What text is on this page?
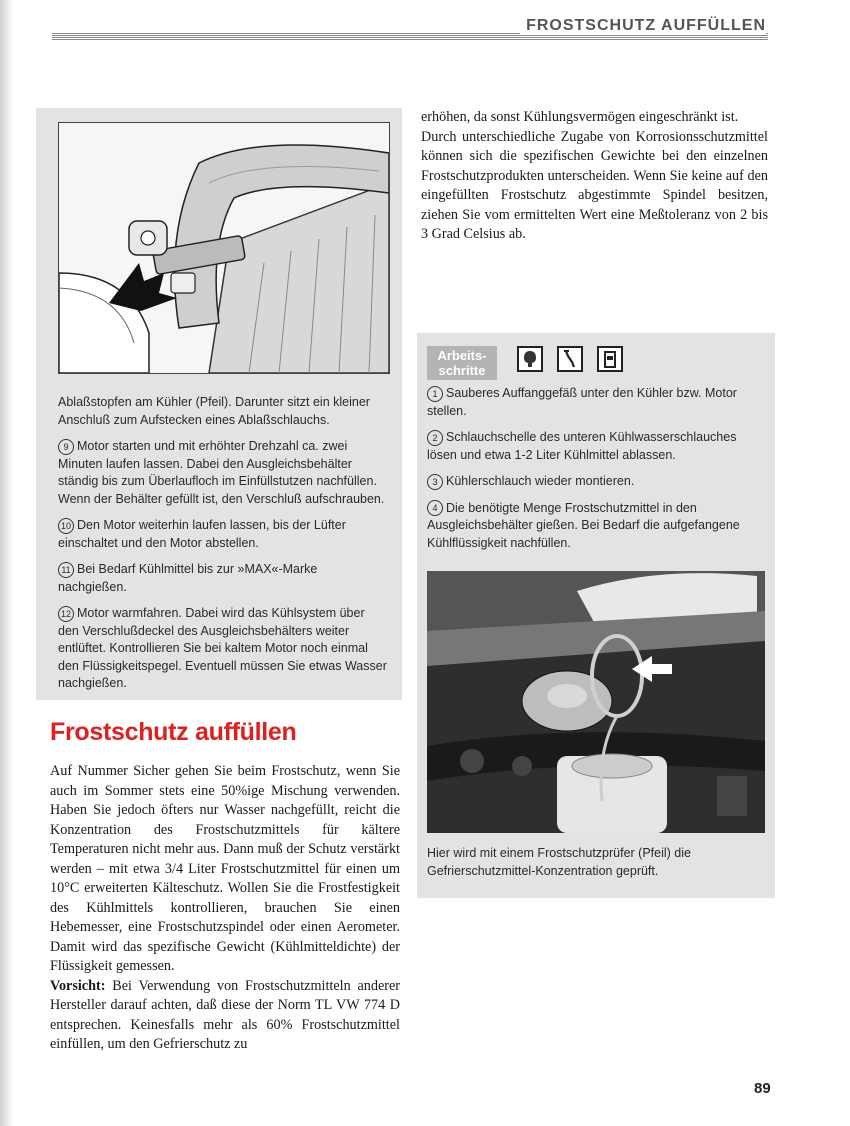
FROSTSCHUTZ AUFFÜLLEN

Ablaßstopfen am Kühler (Pfeil). Darunter sitzt ein kleiner Anschluß zum Aufstecken eines Ablaßschlauchs.

9 Motor starten und mit erhöhter Drehzahl ca. zwei Minuten laufen lassen. Dabei den Ausgleichsbehälter ständig bis zum Überlaufloch im Einfüllstutzen nachfüllen. Wenn der Behälter gefüllt ist, den Verschluß aufschrauben.

10 Den Motor weiterhin laufen lassen, bis der Lüfter einschaltet und den Motor abstellen.

11 Bei Bedarf Kühlmittel bis zur »MAX«-Marke nachgießen.

12 Motor warmfahren. Dabei wird das Kühlsystem über den Verschlußdeckel des Ausgleichsbehälters weiter entlüftet. Kontrollieren Sie bei kaltem Motor noch einmal den Flüssigkeitspegel. Eventuell müssen Sie etwas Wasser nachgießen.

Frostschutz auffüllen

Auf Nummer Sicher gehen Sie beim Frostschutz, wenn Sie auch im Sommer stets eine 50%ige Mischung verwenden. Haben Sie jedoch öfters nur Wasser nachgefüllt, reicht die Konzentration des Frostschutzmittels für kältere Temperaturen nicht mehr aus. Dann muß der Schutz verstärkt werden – mit etwa 3/4 Liter Frostschutzmittel für einen um 10°C erweiterten Kälteschutz. Wollen Sie die Frostfestigkeit des Kühlmittels kontrollieren, brauchen Sie einen Hebemesser, eine Frostschutzspindel oder einen Aerometer. Damit wird das spezifische Gewicht (Kühlmitteldichte) der Flüssigkeit gemessen.

Vorsicht: Bei Verwendung von Frostschutzmitteln anderer Hersteller darauf achten, daß diese der Norm TL VW 774 D entsprechen. Keinesfalls mehr als 60% Frostschutzmittel einfüllen, um den Gefrierschutz zu

erhöhen, da sonst Kühlungsvermögen eingeschränkt ist.

Durch unterschiedliche Zugabe von Korrosionsschutzmittel können sich die spezifischen Gewichte bei den einzelnen Frostschutzprodukten unterscheiden. Wenn Sie keine auf den eingefüllten Frostschutz abgestimmte Spindel besitzen, ziehen Sie vom ermittelten Wert eine Meßtoleranz von 2 bis 3 Grad Celsius ab.

Arbeits-
schritte

1 Sauberes Auffanggefäß unter den Kühler bzw. Motor stellen.

2 Schlauchschelle des unteren Kühlwasserschlauches lösen und etwa 1-2 Liter Kühlmittel ablassen.

3 Kühlerschlauch wieder montieren.

4 Die benötigte Menge Frostschutzmittel in den Ausgleichsbehälter gießen. Bei Bedarf die aufgefangene Kühlflüssigkeit nachfüllen.

Hier wird mit einem Frostschutzprüfer (Pfeil) die Gefrierschutzmittel-Konzentration geprüft.

89
